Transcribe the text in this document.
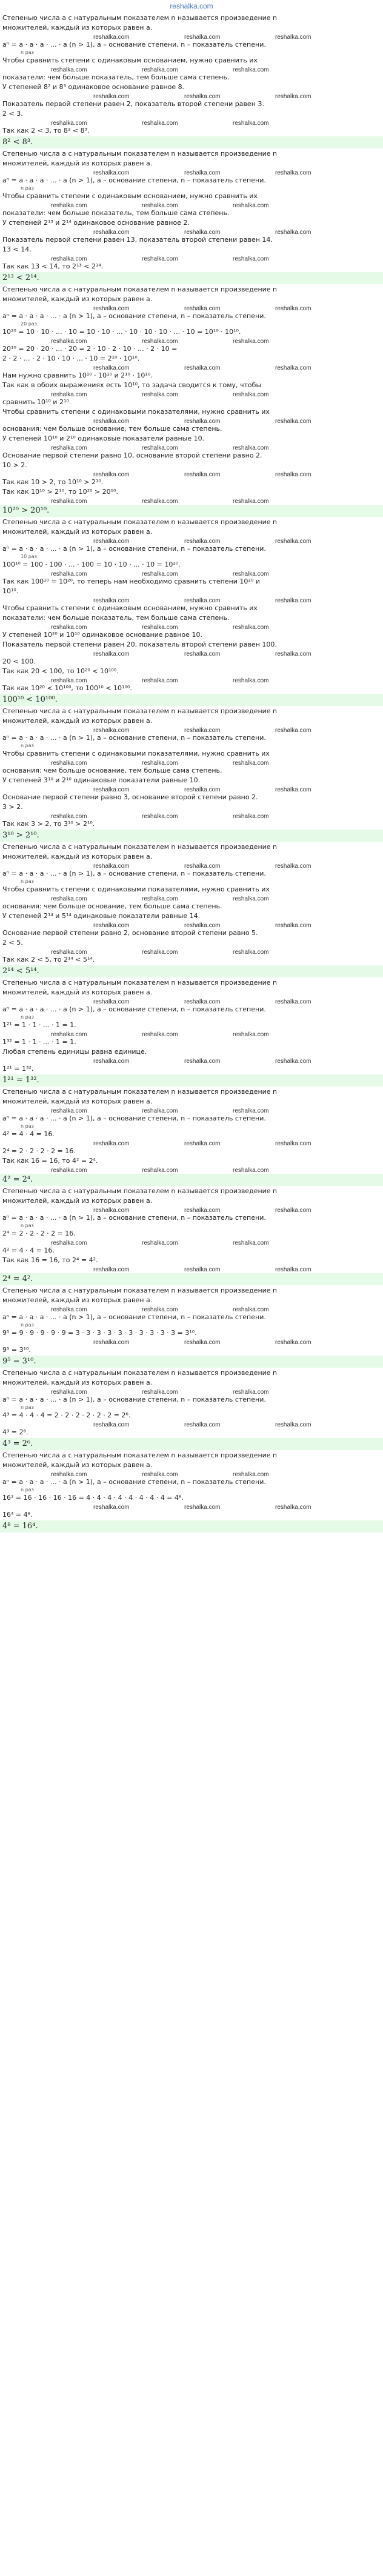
reshalka.com
Степенью числа a с натуральным показателем n называется произведение n
множителей, каждый из которых равен a.
reshalka.com	reshalka.com	reshalka.com
aⁿ = a · a · a · ... · a (n > 1), a – основание степени, n – показатель степени.
n раз
Чтобы сравнить степени с одинаковым основанием, нужно сравнить их
reshalka.com	reshalka.com	reshalka.com
показатели: чем больше показатель, тем больше сама степень.
У степеней 8² и 8³ одинаковое основание равное 8.
reshalka.com	reshalka.com	reshalka.com
Показатель первой степени равен 2, показатель второй степени равен 3.
2 < 3.
reshalka.com	reshalka.com	reshalka.com
Так как 2 < 3, то 8² < 8³.
8² < 8³.
Степенью числа a с натуральным показателем n называется произведение n
множителей, каждый из которых равен a.
reshalka.com	reshalka.com	reshalka.com
aⁿ = a · a · a · ... · a (n > 1), a – основание степени, n – показатель степени.
n раз
Чтобы сравнить степени с одинаковым основанием, нужно сравнить их
reshalka.com	reshalka.com	reshalka.com
показатели: чем больше показатель, тем больше сама степень.
У степеней 2¹³ и 2¹⁴ одинаковое основание равное 2.
reshalka.com	reshalka.com	reshalka.com
Показатель первой степени равен 13, показатель второй степени равен 14.
13 < 14.
reshalka.com	reshalka.com	reshalka.com
Так как 13 < 14, то 2¹³ < 2¹⁴.
2¹³ < 2¹⁴.
Степенью числа a с натуральным показателем n называется произведение n
множителей, каждый из которых равен a.
reshalka.com	reshalka.com	reshalka.com
aⁿ = a · a · a · ... · a (n > 1), a – основание степени, n – показатель степени.
20 раз
10²⁰ = 10 · 10 · ... · 10 = 10 · 10 · ... · 10 · 10 · 10 · ... · 10 = 10¹⁰ · 10¹⁰.
reshalka.com	reshalka.com	reshalka.com
20¹⁰ = 20 · 20 · ... · 20 = 2 · 10 · 2 · 10 · ... · 2 · 10 =
2 · 2 · ... · 2 · 10 · 10 · ... · 10 = 2¹⁰ · 10¹⁰.
reshalka.com	reshalka.com	reshalka.com
Нам нужно сравнить 10¹⁰ · 10¹⁰ и 2¹⁰ · 10¹⁰.
Так как в обоих выражениях есть 10¹⁰, то задача сводится к тому, чтобы
reshalka.com	reshalka.com	reshalka.com
сравнить 10¹⁰ и 2¹⁰.
Чтобы сравнить степени с одинаковыми показателями, нужно сравнить их
reshalka.com	reshalka.com	reshalka.com
основания: чем больше основание, тем больше сама степень.
У степеней 10¹⁰ и 2¹⁰ одинаковые показатели равные 10.
reshalka.com	reshalka.com	reshalka.com
Основание первой степени равно 10, основание второй степени равно 2.
10 > 2.
reshalka.com	reshalka.com	reshalka.com
Так как 10 > 2, то 10¹⁰ > 2¹⁰.
Так как 10¹⁰ > 2¹⁰, то 10²⁰ > 20¹⁰.
reshalka.com	reshalka.com	reshalka.com
10²⁰ > 20¹⁰.
Степенью числа a с натуральным показателем n называется произведение n
множителей, каждый из которых равен a.
reshalka.com	reshalka.com	reshalka.com
aⁿ = a · a · a · ... · a (n > 1), a – основание степени, n – показатель степени.
10 раз
100¹⁰ = 100 · 100 · ... · 100 = 10 · 10 · ... · 10 = 10²⁰.
reshalka.com	reshalka.com	reshalka.com
Так как 100¹⁰ = 10²⁰, то теперь нам необходимо сравнить степени 10²⁰ и
10¹⁰.
reshalka.com	reshalka.com	reshalka.com
Чтобы сравнить степени с одинаковым основанием, нужно сравнить их
показатели: чем больше показатель, тем больше сама степень.
reshalka.com	reshalka.com	reshalka.com
У степеней 10²⁰ и 10¹⁰ одинаковое основание равное 10.
Показатель первой степени равен 20, показатель второй степени равен 100.
reshalka.com	reshalka.com	reshalka.com
20 < 100.
Так как 20 < 100, то 10²⁰ < 10¹⁰⁰.
reshalka.com	reshalka.com	reshalka.com
Так как 10²⁰ < 10¹⁰⁰, то 100¹⁰ < 10¹⁰⁰.
100¹⁰ < 10¹⁰⁰.
Степенью числа a с натуральным показателем n называется произведение n
множителей, каждый из которых равен a.
reshalka.com	reshalka.com	reshalka.com
aⁿ = a · a · a · ... · a (n > 1), a – основание степени, n – показатель степени.
n раз
Чтобы сравнить степени с одинаковыми показателями, нужно сравнить их
reshalka.com	reshalka.com	reshalka.com
основания: чем больше основание, тем больше сама степень.
У степеней 3¹⁰ и 2¹⁰ одинаковые показатели равные 10.
reshalka.com	reshalka.com	reshalka.com
Основание первой степени равно 3, основание второй степени равно 2.
3 > 2.
reshalka.com	reshalka.com	reshalka.com
Так как 3 > 2, то 3¹⁰ > 2¹⁰.
3¹⁰ > 2¹⁰.
Степенью числа a с натуральным показателем n называется произведение n
множителей, каждый из которых равен a.
reshalka.com	reshalka.com	reshalka.com
aⁿ = a · a · a · ... · a (n > 1), a – основание степени, n – показатель степени.
n раз
Чтобы сравнить степени с одинаковыми показателями, нужно сравнить их
reshalka.com	reshalka.com	reshalka.com
основания: чем больше основание, тем больше сама степень.
У степеней 2¹⁴ и 5¹⁴ одинаковые показатели равные 14.
reshalka.com	reshalka.com	reshalka.com
Основание первой степени равно 2, основание второй степени равно 5.
2 < 5.
reshalka.com	reshalka.com	reshalka.com
Так как 2 < 5, то 2¹⁴ < 5¹⁴.
2¹⁴ < 5¹⁴.
Степенью числа a с натуральным показателем n называется произведение n
множителей, каждый из которых равен a.
reshalka.com	reshalka.com	reshalka.com
aⁿ = a · a · a · ... · a (n > 1), a – основание степени, n – показатель степени.
n раз
1²¹ = 1 · 1 · ... · 1 = 1.
reshalka.com	reshalka.com	reshalka.com
1³² = 1 · 1 · ... · 1 = 1.
Любая степень единицы равна единице.
reshalka.com	reshalka.com	reshalka.com
1²¹ = 1³².
1²¹ = 1³².
Степенью числа a с натуральным показателем n называется произведение n
множителей, каждый из которых равен a.
reshalka.com	reshalka.com	reshalka.com
aⁿ = a · a · a · ... · a (n > 1), a – основание степени, n – показатель степени.
n раз
4² = 4 · 4 = 16.
reshalka.com	reshalka.com	reshalka.com
2⁴ = 2 · 2 · 2 · 2 = 16.
Так как 16 = 16, то 4² = 2⁴.
reshalka.com	reshalka.com	reshalka.com
4² = 2⁴.
Степенью числа a с натуральным показателем n называется произведение n
множителей, каждый из которых равен a.
reshalka.com	reshalka.com	reshalka.com
aⁿ = a · a · a · ... · a (n > 1), a – основание степени, n – показатель степени.
n раз
2⁴ = 2 · 2 · 2 · 2 = 16.
reshalka.com	reshalka.com	reshalka.com
4² = 4 · 4 = 16.
Так как 16 = 16, то 2⁴ = 4².
reshalka.com	reshalka.com	reshalka.com
2⁴ = 4².
Степенью числа a с натуральным показателем n называется произведение n
множителей, каждый из которых равен a.
reshalka.com	reshalka.com	reshalka.com
aⁿ = a · a · a · ... · a (n > 1), a – основание степени, n – показатель степени.
n раз
9⁵ = 9 · 9 · 9 · 9 · 9 = 3 · 3 · 3 · 3 · 3 · 3 · 3 · 3 · 3 · 3 = 3¹⁰.
reshalka.com	reshalka.com	reshalka.com
9⁵ = 3¹⁰.
9⁵ = 3¹⁰.
Степенью числа a с натуральным показателем n называется произведение n
множителей, каждый из которых равен a.
reshalka.com	reshalka.com	reshalka.com
aⁿ = a · a · a · ... · a (n > 1), a – основание степени, n – показатель степени.
n раз
4³ = 4 · 4 · 4 = 2 · 2 · 2 · 2 · 2 · 2 = 2⁶.
reshalka.com	reshalka.com	reshalka.com
4³ = 2⁶.
4³ = 2⁶.
Степенью числа a с натуральным показателем n называется произведение n
множителей, каждый из которых равен a.
reshalka.com	reshalka.com	reshalka.com
aⁿ = a · a · a · ... · a (n > 1), a – основание степени, n – показатель степени.
n раз
16² = 16 · 16 · 16 · 16 = 4 · 4 · 4 · 4 · 4 · 4 · 4 · 4 = 4⁸.
reshalka.com	reshalka.com	reshalka.com
16⁴ = 4⁸.
4⁸ = 16⁴.
